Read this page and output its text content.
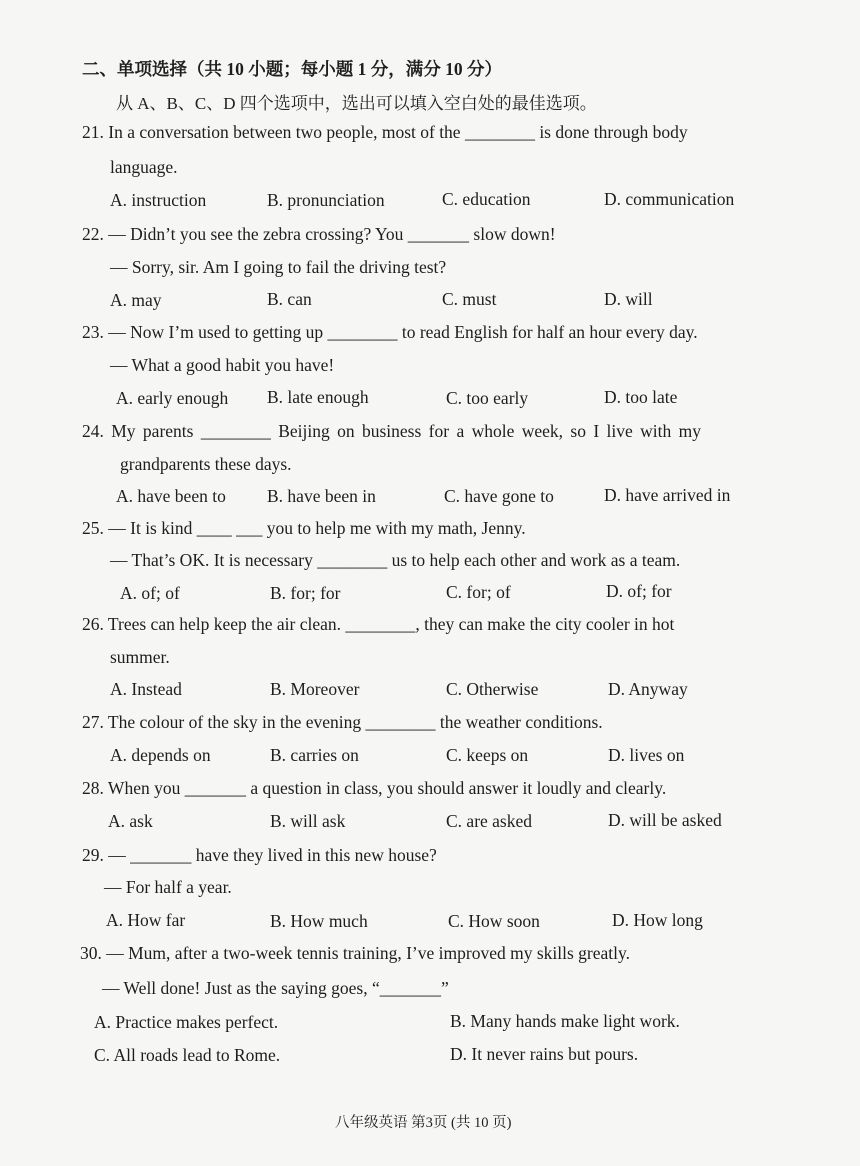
二、单项选择（共 10 小题；每小题 1 分，满分 10 分）
从 A、B、C、D 四个选项中，选出可以填入空白处的最佳选项。
21. In a conversation between two people, most of the ________ is done through body
language.
A. instruction	B. pronunciation	C. education	D. communication
22. — Didn’t you see the zebra crossing? You _______ slow down!
— Sorry, sir. Am I going to fail the driving test?
A. may	B. can	C. must	D. will
23. — Now I’m used to getting up ________ to read English for half an hour every day.
— What a good habit you have!
A. early enough B. late enough	C. too early	D. too late
24. My parents ________ Beijing on business for a whole week, so I live with my
grandparents these days.
A. have been to B. have been in	C. have gone to	D. have arrived in
25. — It is kind ____ ___ you to help me with my math, Jenny.
— That’s OK. It is necessary ________ us to help each other and work as a team.
A. of; of	B. for; for	C. for; of	D. of; for
26. Trees can help keep the air clean. ________, they can make the city cooler in hot
summer.
A. Instead	B. Moreover	C. Otherwise	D. Anyway
27. The colour of the sky in the evening ________ the weather conditions.
A. depends on	B. carries on	C. keeps on	D. lives on
28. When you _______ a question in class, you should answer it loudly and clearly.
A. ask	B. will ask	C. are asked	D. will be asked
29. — _______ have they lived in this new house?
— For half a year.
A. How far	B. How much	C. How soon	D. How long
30. — Mum, after a two-week tennis training, I’ve improved my skills greatly.
— Well done! Just as the saying goes, “_______”
A. Practice makes perfect.	B. Many hands make light work.
C. All roads lead to Rome.	D. It never rains but pours.
八年级英语 第3页 (共 10 页)
